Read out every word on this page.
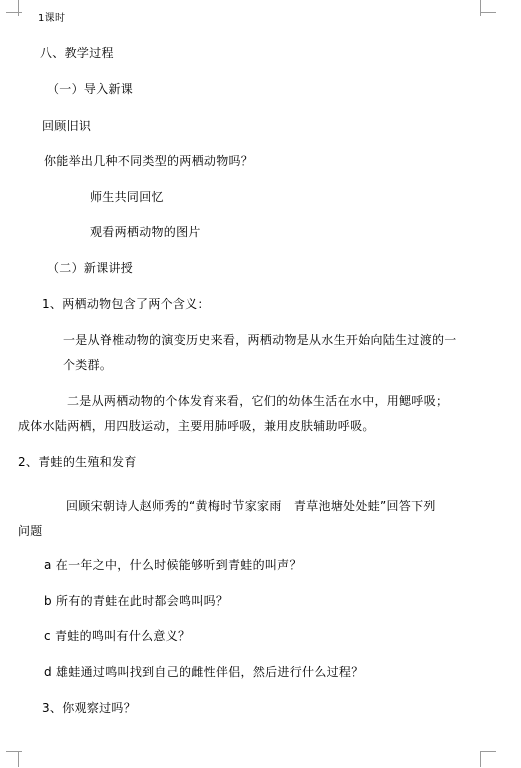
1课时
八、教学过程
（一）导入新课
回顾旧识
你能举出几种不同类型的两栖动物吗？
师生共同回忆
观看两栖动物的图片
（二）新课讲授
1、两栖动物包含了两个含义：
一是从脊椎动物的演变历史来看，两栖动物是从水生开始向陆生过渡的一
个类群。
二是从两栖动物的个体发育来看，它们的幼体生活在水中，用鳃呼吸；
成体水陆两栖，用四肢运动，主要用肺呼吸，兼用皮肤辅助呼吸。
2、青蛙的生殖和发育
回顾宋朝诗人赵师秀的“黄梅时节家家雨　青草池塘处处蛙”回答下列
问题
a 在一年之中，什么时候能够听到青蛙的叫声？
b 所有的青蛙在此时都会鸣叫吗？
c 青蛙的鸣叫有什么意义？
d 雄蛙通过鸣叫找到自己的雌性伴侣，然后进行什么过程？
3、你观察过吗？
